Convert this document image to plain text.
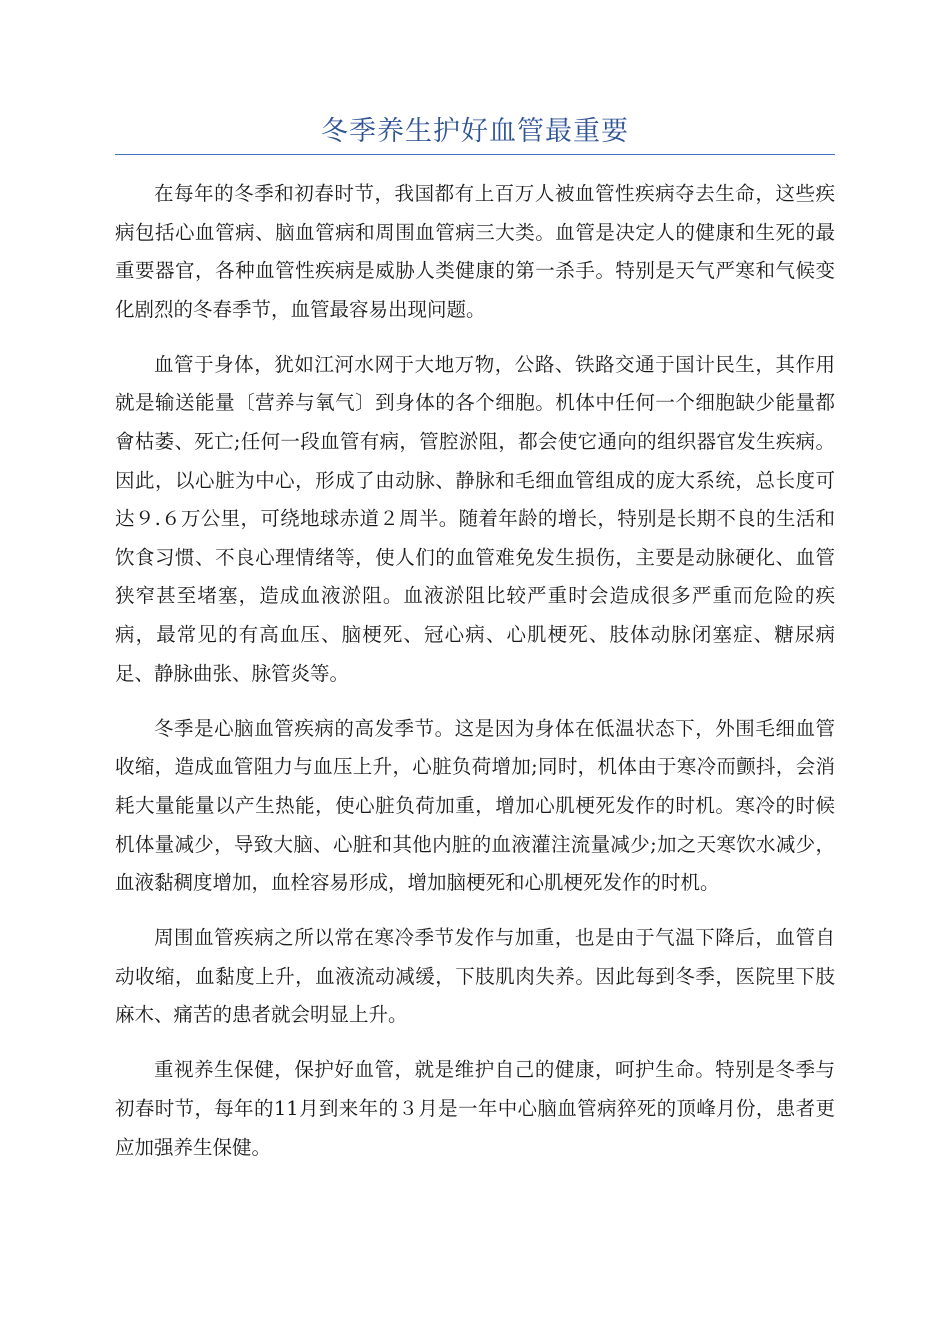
冬季养生护好血管最重要

在每年的冬季和初春时节，我国都有上百万人被血管性疾病夺去生命，这些疾病包括心血管病、脑血管病和周围血管病三大类。血管是决定人的健康和生死的最重要器官，各种血管性疾病是威胁人类健康的第一杀手。特别是天气严寒和气候变化剧烈的冬春季节，血管最容易出现问题。

血管于身体，犹如江河水网于大地万物，公路、铁路交通于国计民生，其作用就是输送能量〔营养与氧气〕到身体的各个细胞。机体中任何一个细胞缺少能量都會枯萎、死亡;任何一段血管有病，管腔淤阻，都会使它通向的组织器官发生疾病。因此，以心脏为中心，形成了由动脉、静脉和毛细血管组成的庞大系统，总长度可达９.６万公里，可绕地球赤道２周半。随着年龄的增长，特别是长期不良的生活和饮食习惯、不良心理情绪等，使人们的血管难免发生损伤，主要是动脉硬化、血管狭窄甚至堵塞，造成血液淤阻。血液淤阻比较严重时会造成很多严重而危险的疾病，最常见的有高血压、脑梗死、冠心病、心肌梗死、肢体动脉闭塞症、糖尿病足、静脉曲张、脉管炎等。

冬季是心脑血管疾病的高发季节。这是因为身体在低温状态下，外围毛细血管收缩，造成血管阻力与血压上升，心脏负荷增加;同时，机体由于寒冷而颤抖，会消耗大量能量以产生热能，使心脏负荷加重，增加心肌梗死发作的时机。寒冷的时候机体量减少，导致大脑、心脏和其他内脏的血液灌注流量减少;加之天寒饮水减少，血液黏稠度增加，血栓容易形成，增加脑梗死和心肌梗死发作的时机。

周围血管疾病之所以常在寒冷季节发作与加重，也是由于气温下降后，血管自动收缩，血黏度上升，血液流动减缓，下肢肌肉失养。因此每到冬季，医院里下肢麻木、痛苦的患者就会明显上升。

重视养生保健，保护好血管，就是维护自己的健康，呵护生命。特别是冬季与初春时节，每年的11月到来年的３月是一年中心脑血管病猝死的顶峰月份，患者更应加强养生保健。
